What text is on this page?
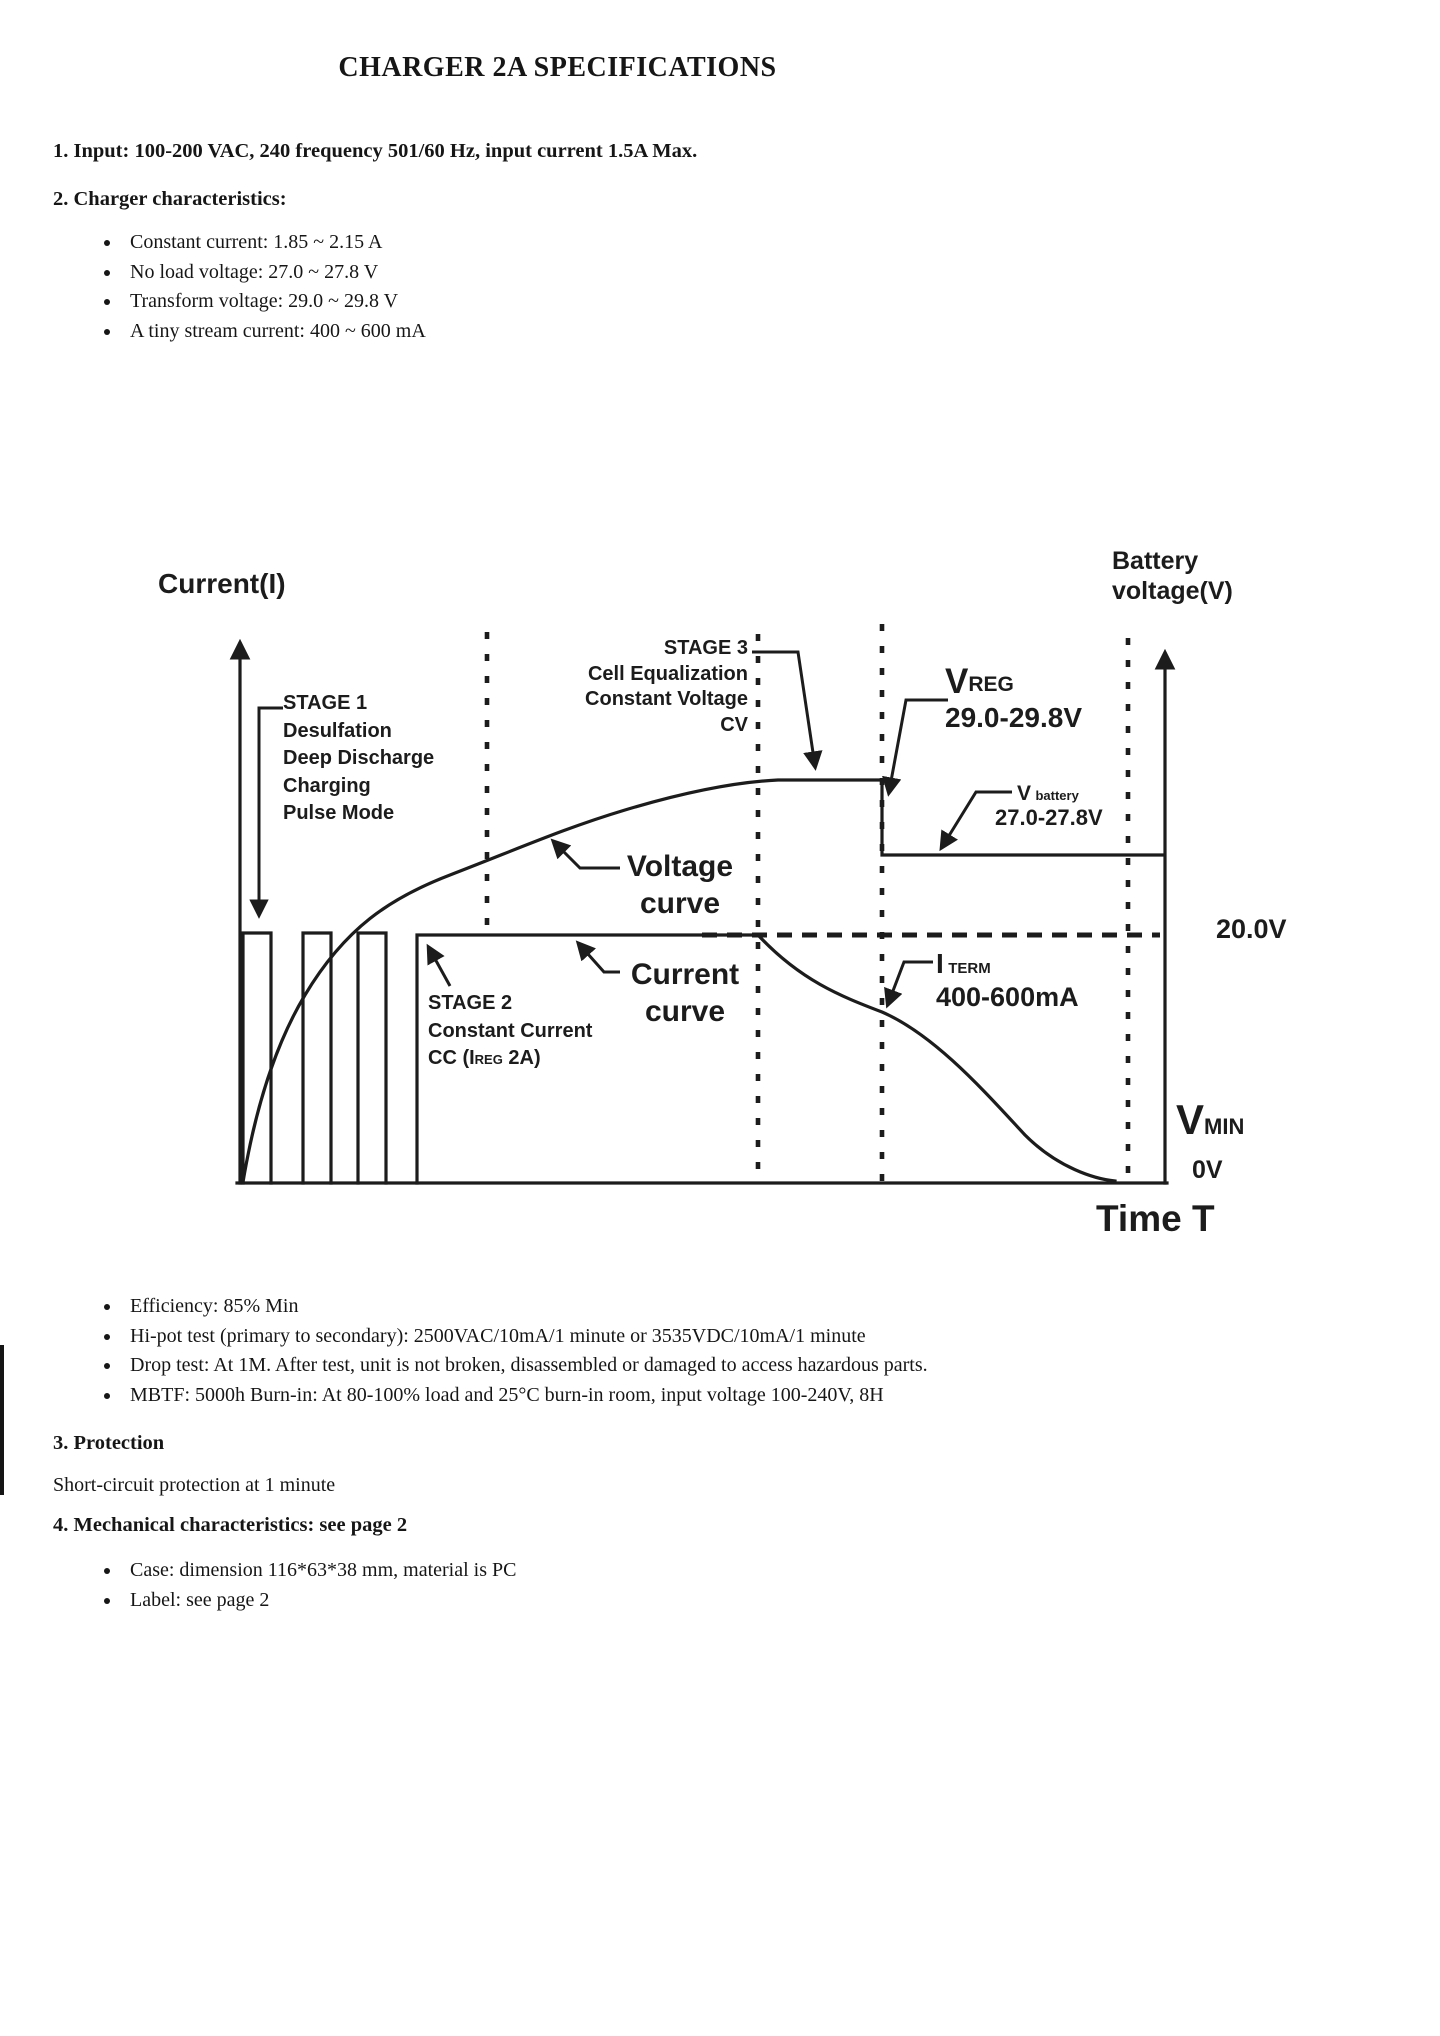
CHARGER 2A SPECIFICATIONS
1. Input: 100-200 VAC, 240 frequency 501/60 Hz, input current 1.5A Max.
2. Charger characteristics:
• Constant current: 1.85 ~ 2.15 A
• No load voltage: 27.0 ~ 27.8 V
• Transform voltage: 29.0 ~ 29.8 V
• A tiny stream current: 400 ~ 600 mA
Current(I)
Battery
voltage(V)
STAGE 1
Desulfation
Deep Discharge
Charging
Pulse Mode
STAGE 3
Cell Equalization
Constant Voltage
CV
VREG
29.0-29.8V
V battery
27.0-27.8V
Voltage
curve
Current
curve
STAGE 2
Constant Current
CC (IREG 2A)
I TERM
400-600mA
20.0V
VMIN
0V
Time T
• Efficiency: 85% Min
• Hi-pot test (primary to secondary): 2500VAC/10mA/1 minute or 3535VDC/10mA/1 minute
• Drop test: At 1M. After test, unit is not broken, disassembled or damaged to access hazardous parts.
• MBTF: 5000h Burn-in: At 80-100% load and 25°C burn-in room, input voltage 100-240V, 8H
3. Protection
Short-circuit protection at 1 minute
4. Mechanical characteristics: see page 2
• Case: dimension 116*63*38 mm, material is PC
• Label: see page 2
